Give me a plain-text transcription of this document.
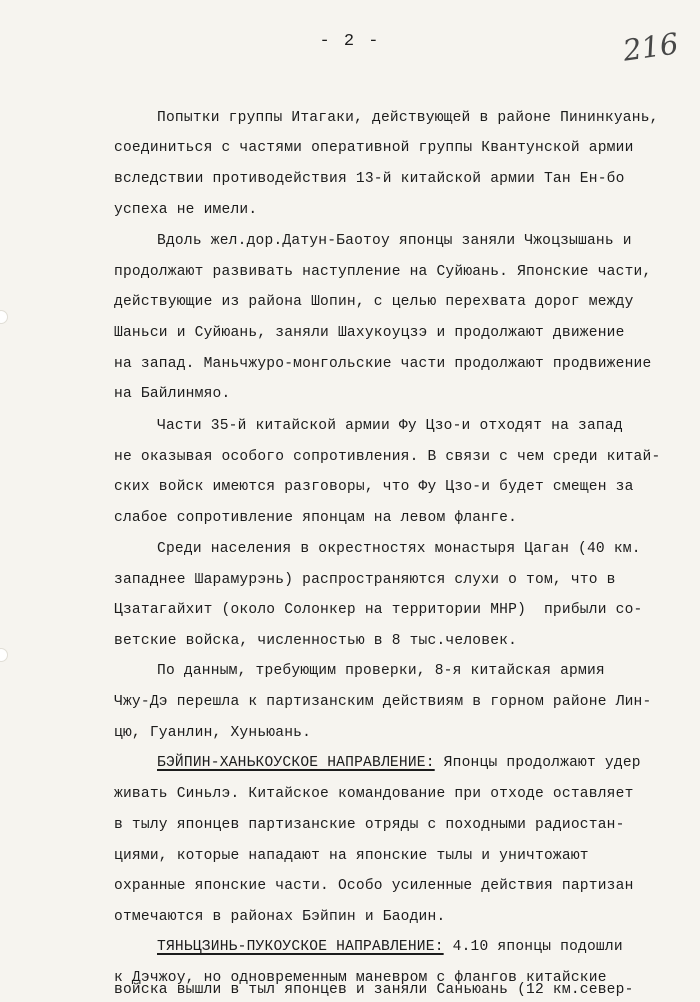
- 2 -	216
Попытки группы Итагаки, действующей в районе Пининкуань,
соединиться с частями оперативной группы Квантунской армии
вследствии противодействия 13-й китайской армии Тан Ен-бо
успеха не имели.
Вдоль жел.дор.Датун-Баотоу японцы заняли Чжоцзышань и
продолжают развивать наступление на Суйюань. Японские части,
действующие из района Шопин, с целью перехвата дорог между
Шаньси и Суйюань, заняли Шахукоуцзэ и продолжают движение
на запад. Маньчжуро-монгольские части продолжают продвижение
на Байлинмяо.
Части 35-й китайской армии Фу Цзо-и отходят на запад
не оказывая особого сопротивления. В связи с чем среди китай-
ских войск имеются разговоры, что Фу Цзо-и будет смещен за
слабое сопротивление японцам на левом фланге.
Среди населения в окрестностях монастыря Цаган (40 км.
западнее Шарамурэнь) распространяются слухи о том, что в
Цзатагайхит (около Солонкер на территории МНР)  прибыли со-
ветские войска, численностью в 8 тыс.человек.
По данным, требующим проверки, 8-я китайская армия
Чжу-Дэ перешла к партизанским действиям в горном районе Лин-
цю, Гуанлин, Хуньюань.
БЭЙПИН-ХАНЬКОУСКОЕ НАПРАВЛЕНИЕ: Японцы продолжают удер
живать Синьлэ. Китайское командование при отходе оставляет
в тылу японцев партизанские отряды с походными радиостан-
циями, которые нападают на японские тылы и уничтожают
охранные японские части. Особо усиленные действия партизан
отмечаются в районах Бэйпин и Баодин.
ТЯНЬЦЗИНЬ-ПУКОУСКОЕ НАПРАВЛЕНИЕ: 4.10 японцы подошли
к Дэчжоу, но одновременным маневром с флангов китайские
войска вышли в тыл японцев и заняли Саньюань (12 км.север-
